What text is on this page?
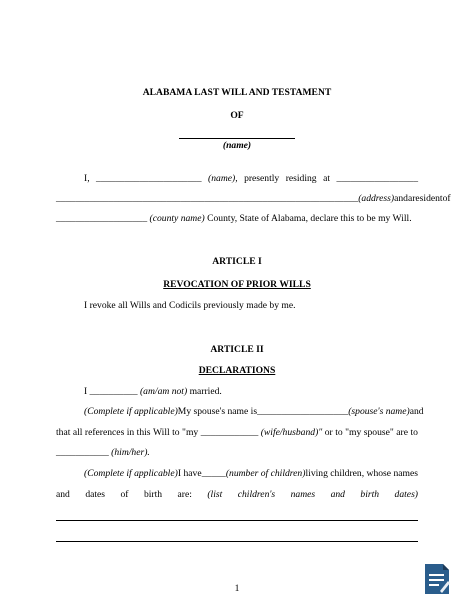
ALABAMA LAST WILL AND TESTAMENT
OF
(name)
I, ______________________ (name), presently residing at _________________
_______________________________________________________________ (address) and a resident of
___________________ (county name) County, State of Alabama, declare this to be my Will.
ARTICLE I
REVOCATION OF PRIOR WILLS
I revoke all Wills and Codicils previously made by me.
ARTICLE II
DECLARATIONS
I __________ (am/am not) married.
(Complete if applicable) My spouse's name is ___________________ (spouse's name) and
that all references in this Will to "my ____________ (wife/husband)" or to "my spouse" are to
___________ (him/her).
(Complete if applicable) I have _____ (number of children) living children, whose names
and dates of birth are: (list children's names and birth dates)
1
